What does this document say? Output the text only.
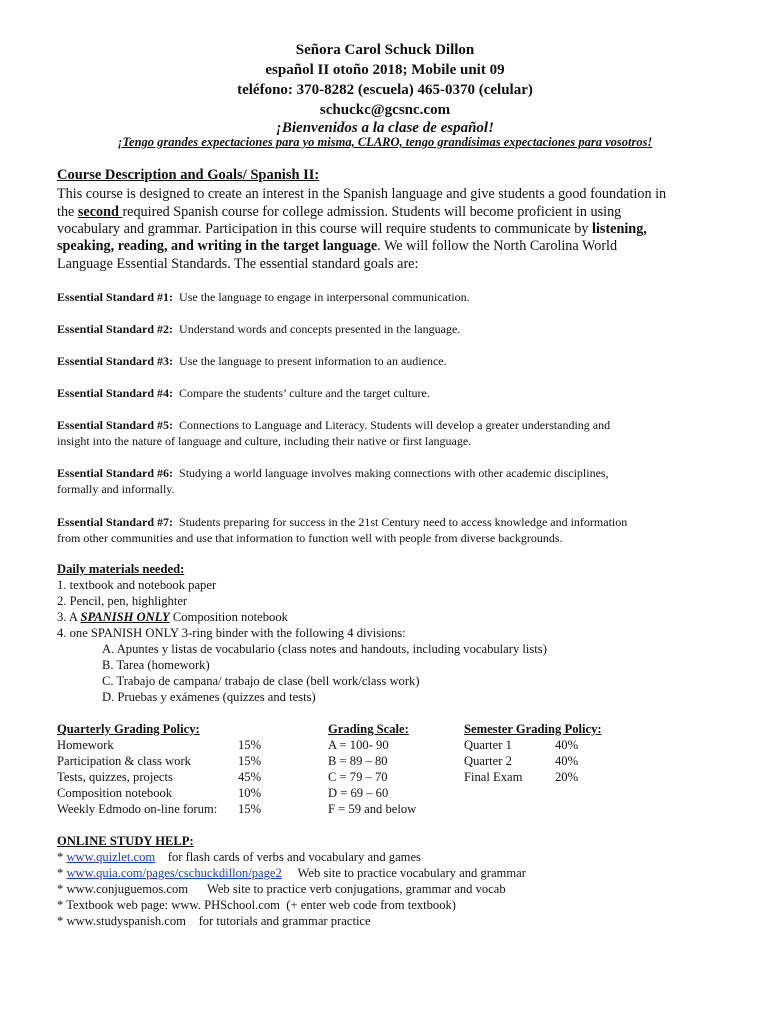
Señora Carol Schuck Dillon
español II otoño 2018; Mobile unit 09
teléfono: 370-8282 (escuela) 465-0370 (celular)
schuckc@gcsnc.com
¡Bienvenidos a la clase de español!
¡Tengo grandes expectaciones para yo misma, CLARO, tengo grandísimas expectaciones para vosotros!
Course Description and Goals/ Spanish II:
This course is designed to create an interest in the Spanish language and give students a good foundation in
the second required Spanish course for college admission. Students will become proficient in using
vocabulary and grammar. Participation in this course will require students to communicate by listening,
speaking, reading, and writing in the target language. We will follow the North Carolina World
Language Essential Standards. The essential standard goals are:
Essential Standard #1: Use the language to engage in interpersonal communication.
Essential Standard #2: Understand words and concepts presented in the language.
Essential Standard #3: Use the language to present information to an audience.
Essential Standard #4: Compare the students’ culture and the target culture.
Essential Standard #5: Connections to Language and Literacy. Students will develop a greater understanding and
insight into the nature of language and culture, including their native or first language.
Essential Standard #6: Studying a world language involves making connections with other academic disciplines,
formally and informally.
Essential Standard #7: Students preparing for success in the 21st Century need to access knowledge and information
from other communities and use that information to function well with people from diverse backgrounds.
Daily materials needed:
1. textbook and notebook paper
2. Pencil, pen, highlighter
3. A SPANISH ONLY Composition notebook
4. one SPANISH ONLY 3-ring binder with the following 4 divisions:
A. Apuntes y listas de vocabulario (class notes and handouts, including vocabulary lists)
B. Tarea (homework)
C. Trabajo de campana/ trabajo de clase (bell work/class work)
D. Pruebas y exámenes (quizzes and tests)
Quarterly Grading Policy:
Homework	15%
Participation & class work	15%
Tests, quizzes, projects	45%
Composition notebook	10%
Weekly Edmodo on-line forum: 15%
Grading Scale:
A = 100- 90
B = 89 – 80
C = 79 – 70
D = 69 – 60
F = 59 and below
Semester Grading Policy:
Quarter 1	40%
Quarter 2	40%
Final Exam	20%
ONLINE STUDY HELP:
* www.quizlet.com for flash cards of verbs and vocabulary and games
* www.quia.com/pages/cschuckdillon/page2 Web site to practice vocabulary and grammar
* www.conjuguemos.com Web site to practice verb conjugations, grammar and vocab
* Textbook web page: www. PHSchool.com (+ enter web code from textbook)
* www.studyspanish.com for tutorials and grammar practice
